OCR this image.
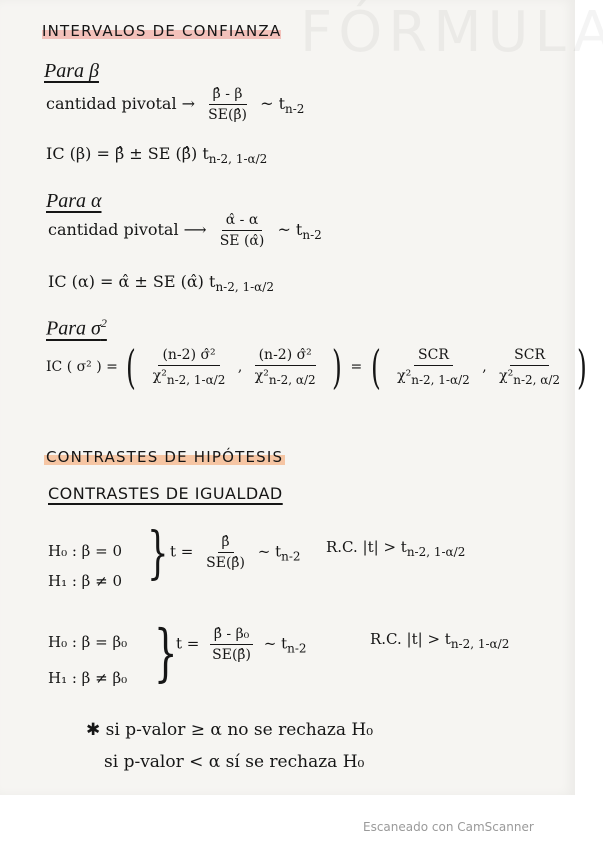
INTERVALOS DE CONFIANZA
Para β
cantidad pivotal → $\frac{\betâ - \beta}{SE(\betâ)}$ ~ $t_{n-2}$
IC (β) = β̂ ± SE (β̂) $t_{n-2, 1-\alpha/2}$
Para α
cantidad pivotal ⟶ $\frac{\alphâ - \alpha}{SE (\alphâ)}$ ~ $t_{n-2}$
IC (α) = α̂ ± SE (α̂) $t_{n-2, 1-\alpha/2}$
Para $\sigma^2$
IC ( σ² ) = ( $\frac{\text{(n-2) σ̂²}}{\chi^2_{n-2, 1-\alpha/2}}$ , $\frac{\text{(n-2) σ̂²}}{\chi^2_{n-2, \alpha/2}}$ ) = ( $\frac{\text{SCR}}{\chi^2_{n-2, 1-\alpha/2}}$ , $\frac{\text{SCR}}{\chi^2_{n-2, \alpha/2}}$ )
CONTRASTES DE HIPÓTESIS
CONTRASTES DE IGUALDAD
H₀ : β = 0
H₁ : β ≠ 0 } $t = \frac{\betâ}{SE(\betâ)}$ ~ $t_{n-2}$
R.C. $|t| > t_{n-2, 1-\alpha/2}$
H₀ : β = β₀
H₁ : β ≠ β₀ }
$t = \frac{\text{β̂ - β₀}}{SE(\betâ)}$ ~ $t_{n-2}$
R.C. $|t| > t_{n-2, 1-\alpha/2}$
✱ si p-valor ≥ α no se rechaza H₀
si p-valor < α sí se rechaza H₀
Escaneado con CamScanner
